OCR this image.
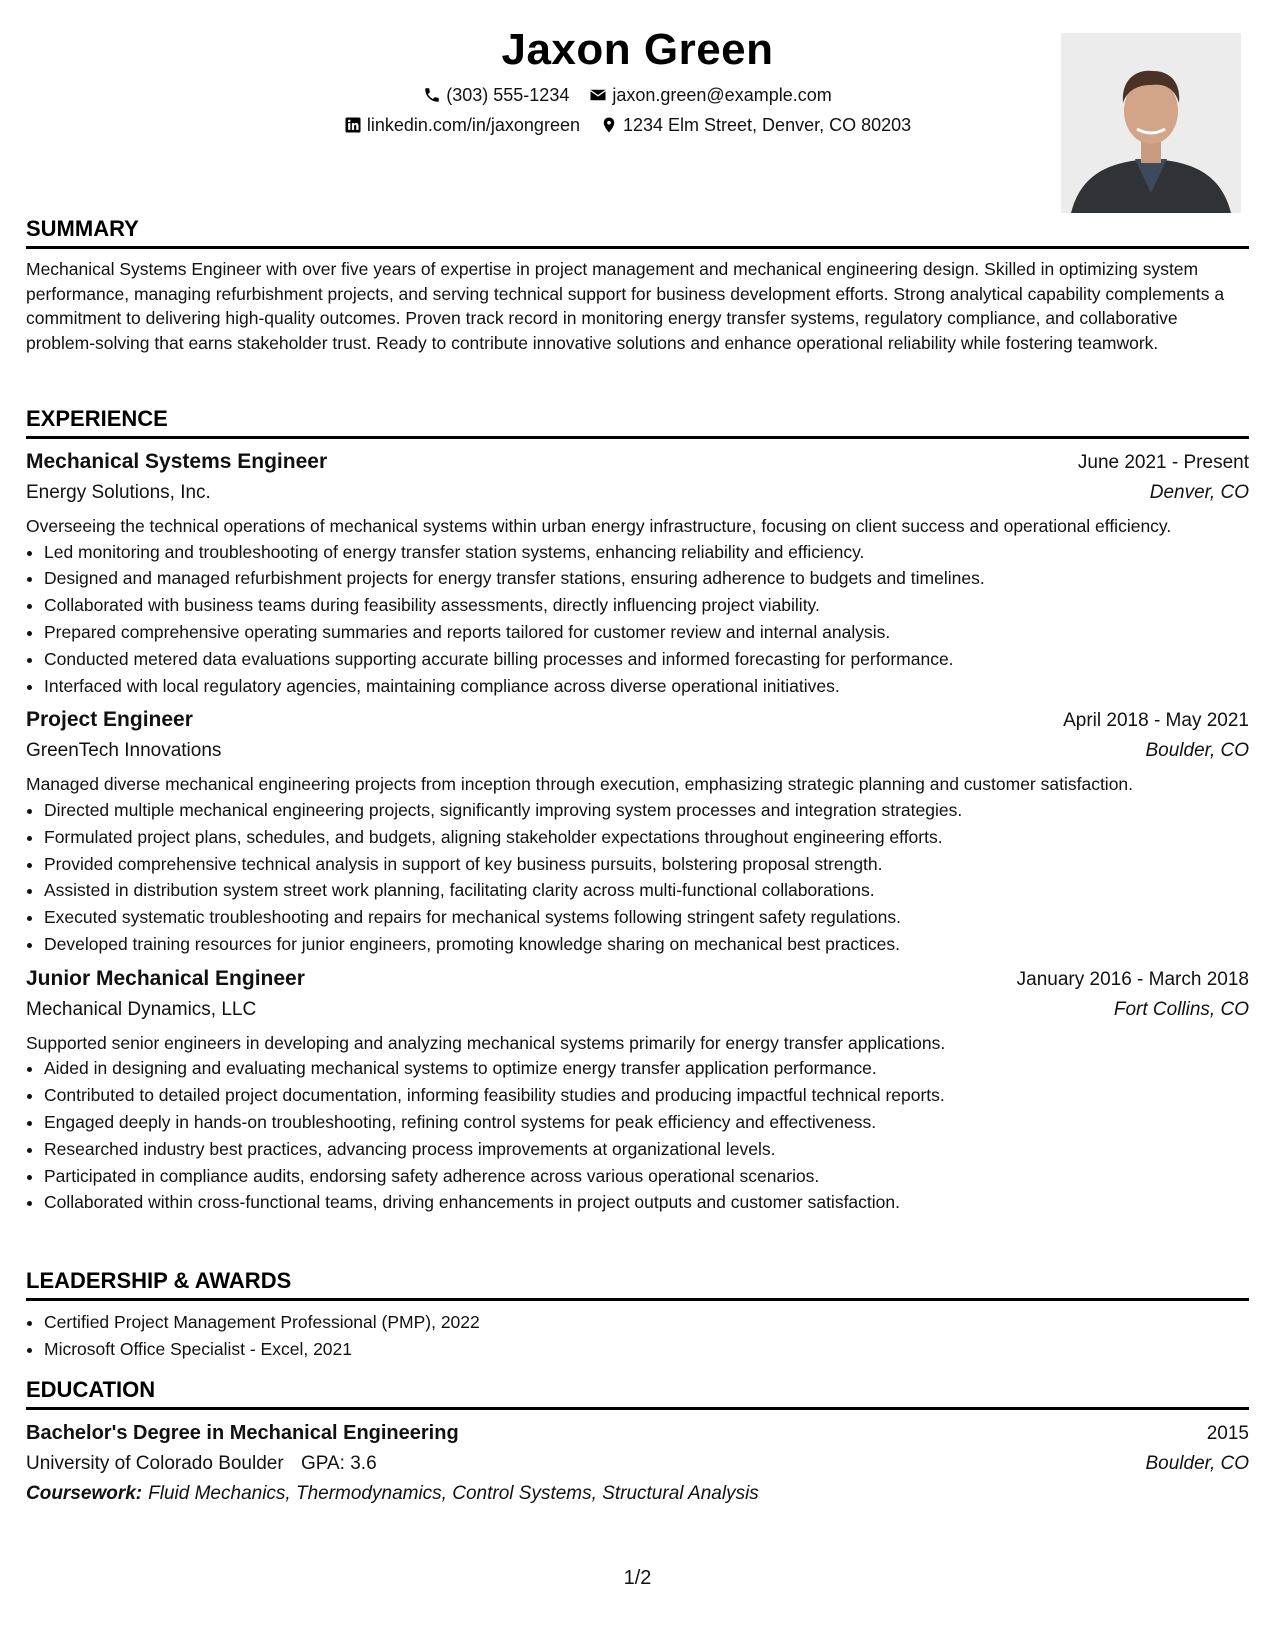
Jaxon Green
(303) 555-1234 jaxon.green@example.com
linkedin.com/in/jaxongreen 1234 Elm Street, Denver, CO 80203
SUMMARY

Mechanical Systems Engineer with over five years of expertise in project management and mechanical engineering design. Skilled in optimizing system performance, managing refurbishment projects, and serving technical support for business development efforts. Strong analytical capability complements a commitment to delivering high-quality outcomes. Proven track record in monitoring energy transfer systems, regulatory compliance, and collaborative problem-solving that earns stakeholder trust. Ready to contribute innovative solutions and enhance operational reliability while fostering teamwork.

EXPERIENCE
Mechanical Systems Engineer	June 2021 - Present
Energy Solutions, Inc.	Denver, CO

Overseeing the technical operations of mechanical systems within urban energy infrastructure, focusing on client success and operational efficiency.

• Led monitoring and troubleshooting of energy transfer station systems, enhancing reliability and efficiency.
• Designed and managed refurbishment projects for energy transfer stations, ensuring adherence to budgets and timelines.
• Collaborated with business teams during feasibility assessments, directly influencing project viability.
• Prepared comprehensive operating summaries and reports tailored for customer review and internal analysis.
• Conducted metered data evaluations supporting accurate billing processes and informed forecasting for performance.
• Interfaced with local regulatory agencies, maintaining compliance across diverse operational initiatives.
Project Engineer	April 2018 - May 2021
GreenTech Innovations	Boulder, CO

Managed diverse mechanical engineering projects from inception through execution, emphasizing strategic planning and customer satisfaction.

• Directed multiple mechanical engineering projects, significantly improving system processes and integration strategies.
• Formulated project plans, schedules, and budgets, aligning stakeholder expectations throughout engineering efforts.
• Provided comprehensive technical analysis in support of key business pursuits, bolstering proposal strength.
• Assisted in distribution system street work planning, facilitating clarity across multi-functional collaborations.
• Executed systematic troubleshooting and repairs for mechanical systems following stringent safety regulations.
• Developed training resources for junior engineers, promoting knowledge sharing on mechanical best practices.
Junior Mechanical Engineer	January 2016 - March 2018
Mechanical Dynamics, LLC	Fort Collins, CO

Supported senior engineers in developing and analyzing mechanical systems primarily for energy transfer applications.

• Aided in designing and evaluating mechanical systems to optimize energy transfer application performance.
• Contributed to detailed project documentation, informing feasibility studies and producing impactful technical reports.
• Engaged deeply in hands-on troubleshooting, refining control systems for peak efficiency and effectiveness.
• Researched industry best practices, advancing process improvements at organizational levels.
• Participated in compliance audits, endorsing safety adherence across various operational scenarios.
• Collaborated within cross-functional teams, driving enhancements in project outputs and customer satisfaction.
LEADERSHIP & AWARDS
• Certified Project Management Professional (PMP), 2022
• Microsoft Office Specialist - Excel, 2021
EDUCATION
Bachelor's Degree in Mechanical Engineering	2015
University of Colorado Boulder GPA: 3.6	Boulder, CO
Coursework: Fluid Mechanics, Thermodynamics, Control Systems, Structural Analysis
1/2
